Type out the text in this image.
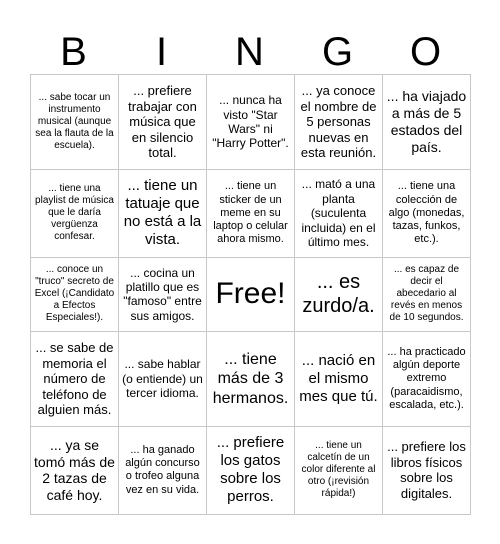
B	I	N	G	O
... sabe tocar un instrumento musical (aunque sea la flauta de la escuela).	... prefiere trabajar con música que en silencio total.	... nunca ha visto "Star Wars" ni "Harry Potter".	... ya conoce el nombre de 5 personas nuevas en esta reunión.	... ha viajado a más de 5 estados del país.
... tiene una playlist de música que le daría vergüenza confesar.	... tiene un tatuaje que no está a la vista.	... tiene un sticker de un meme en su laptop o celular ahora mismo.	... mató a una planta (suculenta incluida) en el último mes.	... tiene una colección de algo (monedas, tazas, funkos, etc.).
... conoce un "truco" secreto de Excel (¡Candidato a Efectos Especiales!).	... cocina un platillo que es "famoso" entre sus amigos.	Free!	... es zurdo/a.	... es capaz de decir el abecedario al revés en menos de 10 segundos.
... se sabe de memoria el número de teléfono de alguien más.	... sabe hablar (o entiende) un tercer idioma.	... tiene más de 3 hermanos.	... nació en el mismo mes que tú.	... ha practicado algún deporte extremo (paracaidismo, escalada, etc.).
... ya se tomó más de 2 tazas de café hoy.	... ha ganado algún concurso o trofeo alguna vez en su vida.	... prefiere los gatos sobre los perros.	... tiene un calcetín de un color diferente al otro (¡revisión rápida!)	... prefiere los libros físicos sobre los digitales.
